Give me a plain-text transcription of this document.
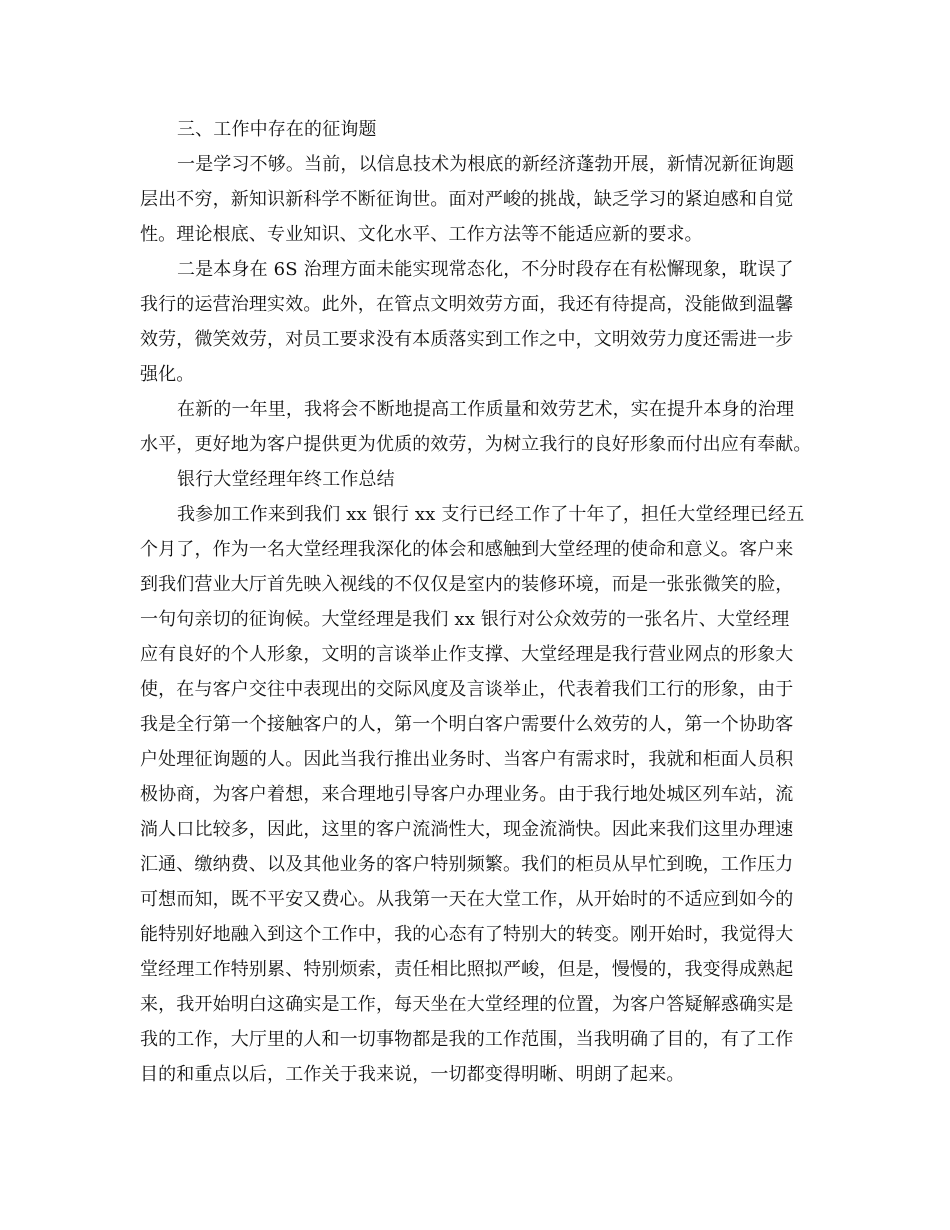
三、工作中存在的征询题
一是学习不够。当前，以信息技术为根底的新经济蓬勃开展，新情况新征询题
层出不穷，新知识新科学不断征询世。面对严峻的挑战，缺乏学习的紧迫感和自觉
性。理论根底、专业知识、文化水平、工作方法等不能适应新的要求。
二是本身在 6S 治理方面未能实现常态化，不分时段存在有松懈现象，耽误了
我行的运营治理实效。此外，在管点文明效劳方面，我还有待提高，没能做到温馨
效劳，微笑效劳，对员工要求没有本质落实到工作之中，文明效劳力度还需进一步
强化。
在新的一年里，我将会不断地提高工作质量和效劳艺术，实在提升本身的治理
水平，更好地为客户提供更为优质的效劳，为树立我行的良好形象而付出应有奉献。
银行大堂经理年终工作总结
我参加工作来到我们 xx 银行 xx 支行已经工作了十年了，担任大堂经理已经五
个月了，作为一名大堂经理我深化的体会和感触到大堂经理的使命和意义。客户来
到我们营业大厅首先映入视线的不仅仅是室内的装修环境，而是一张张微笑的脸，
一句句亲切的征询候。大堂经理是我们 xx 银行对公众效劳的一张名片、大堂经理
应有良好的个人形象，文明的言谈举止作支撑、大堂经理是我行营业网点的形象大
使，在与客户交往中表现出的交际风度及言谈举止，代表着我们工行的形象，由于
我是全行第一个接触客户的人，第一个明白客户需要什么效劳的人，第一个协助客
户处理征询题的人。因此当我行推出业务时、当客户有需求时，我就和柜面人员积
极协商，为客户着想，来合理地引导客户办理业务。由于我行地处城区列车站，流
淌人口比较多，因此，这里的客户流淌性大，现金流淌快。因此来我们这里办理速
汇通、缴纳费、以及其他业务的客户特别频繁。我们的柜员从早忙到晚，工作压力
可想而知，既不平安又费心。从我第一天在大堂工作，从开始时的不适应到如今的
能特别好地融入到这个工作中，我的心态有了特别大的转变。刚开始时，我觉得大
堂经理工作特别累、特别烦索，责任相比照拟严峻，但是，慢慢的，我变得成熟起
来，我开始明白这确实是工作，每天坐在大堂经理的位置，为客户答疑解惑确实是
我的工作，大厅里的人和一切事物都是我的工作范围，当我明确了目的，有了工作
目的和重点以后，工作关于我来说，一切都变得明晰、明朗了起来。
